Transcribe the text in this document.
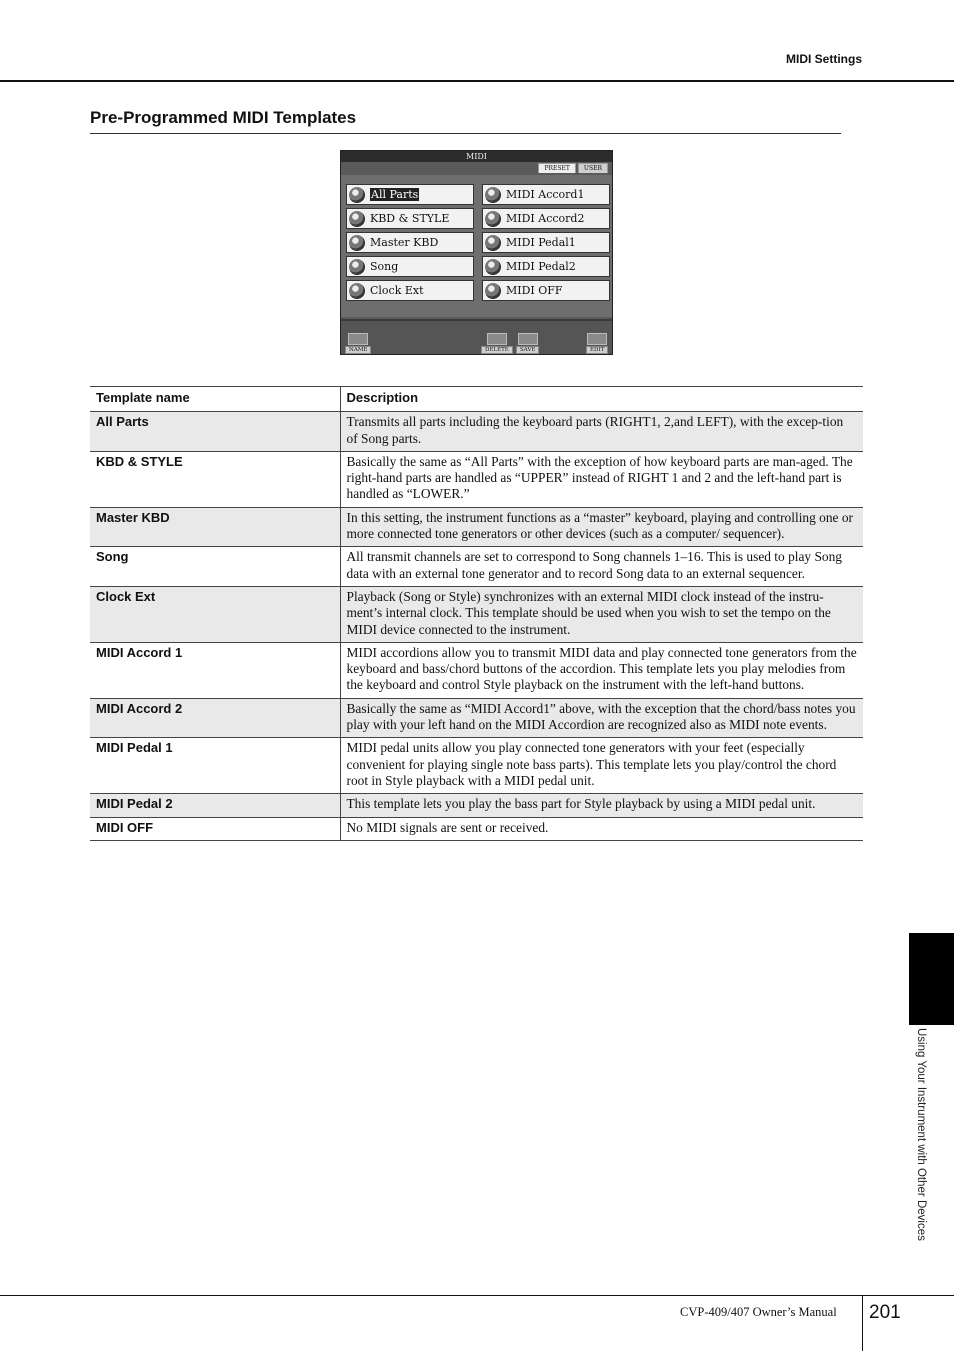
MIDI Settings
Pre-Programmed MIDI Templates
MIDI
PRESET	USER
All Parts	MIDI Accord1
KBD & STYLE	MIDI Accord2
Master KBD	MIDI Pedal1
Song	MIDI Pedal2
Clock Ext	MIDI OFF
NAME	DELETE	SAVE	EDIT
Template name	Description
All Parts	Transmits all parts including the keyboard parts (RIGHT1, 2,and LEFT), with the excep-tion of Song parts.
KBD & STYLE	Basically the same as “All Parts” with the exception of how keyboard parts are man-aged. The right-hand parts are handled as “UPPER” instead of RIGHT 1 and 2 and the left-hand part is handled as “LOWER.”
Master KBD	In this setting, the instrument functions as a “master” keyboard, playing and controlling one or more connected tone generators or other devices (such as a computer/ sequencer).
Song	All transmit channels are set to correspond to Song channels 1–16. This is used to play Song data with an external tone generator and to record Song data to an external sequencer.
Clock Ext	Playback (Song or Style) synchronizes with an external MIDI clock instead of the instru-ment’s internal clock. This template should be used when you wish to set the tempo on the MIDI device connected to the instrument.
MIDI Accord 1	MIDI accordions allow you to transmit MIDI data and play connected tone generators from the keyboard and bass/chord buttons of the accordion. This template lets you play melodies from the keyboard and control Style playback on the instrument with the left-hand buttons.
MIDI Accord 2	Basically the same as “MIDI Accord1” above, with the exception that the chord/bass notes you play with your left hand on the MIDI Accordion are recognized also as MIDI note events.
MIDI Pedal 1	MIDI pedal units allow you play connected tone generators with your feet (especially convenient for playing single note bass parts). This template lets you play/control the chord root in Style playback with a MIDI pedal unit.
MIDI Pedal 2	This template lets you play the bass part for Style playback by using a MIDI pedal unit.
MIDI OFF	No MIDI signals are sent or received.
Using Your Instrument with Other Devices
CVP-409/407 Owner’s Manual 201
